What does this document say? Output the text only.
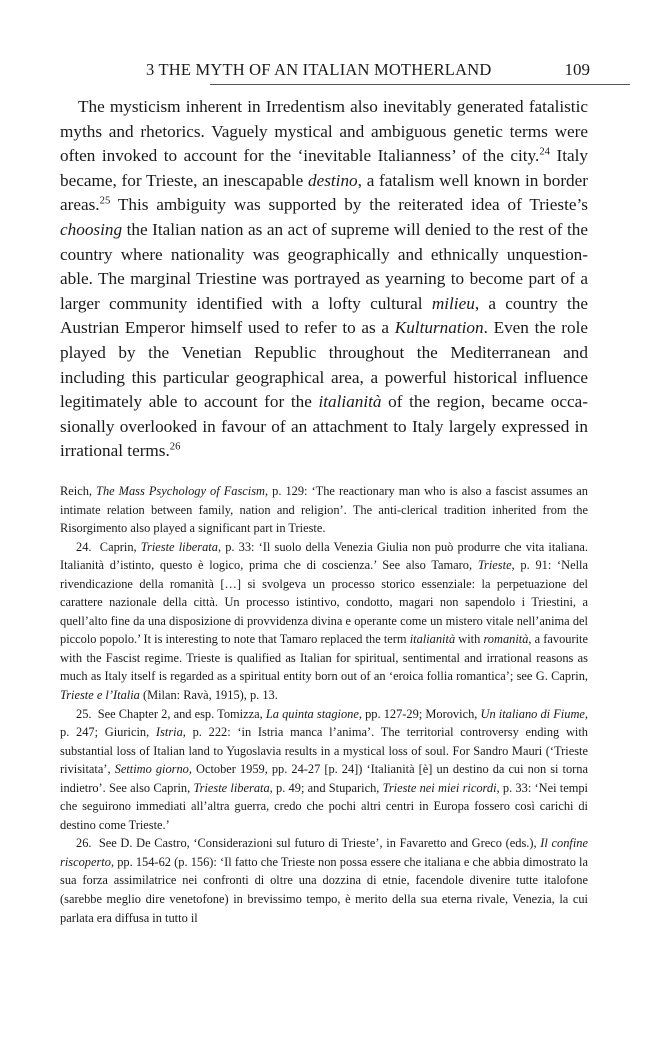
3 THE MYTH OF AN ITALIAN MOTHERLAND	109

The mysticism inherent in Irredentism also inevitably generated fatalistic myths and rhetorics. Vaguely mystical and ambiguous genetic terms were often invoked to account for the ‘inevitable Italianness’ of the city.$^{24}$ Italy became, for Trieste, an inescapable destino, a fatalism well known in border areas.$^{25}$ This ambiguity was supported by the reiterated idea of Trieste’s choosing the Italian nation as an act of supreme will denied to the rest of the country where nationality was geographically and ethnically unquestion-able. The marginal Triestine was portrayed as yearning to become part of a larger community identified with a lofty cultural milieu, a country the Austrian Emperor himself used to refer to as a Kulturnation. Even the role played by the Venetian Republic throughout the Mediterranean and including this particular geographical area, a powerful historical influence legitimately able to account for the italianità of the region, became occa-sionally overlooked in favour of an attachment to Italy largely expressed in irrational terms.$^{26}$

Reich, The Mass Psychology of Fascism, p. 129: ‘The reactionary man who is also a fascist assumes an intimate relation between family, nation and religion’. The anti-clerical tradition inherited from the Risorgimento also played a significant part in Trieste.

24.  Caprin, Trieste liberata, p. 33: ‘Il suolo della Venezia Giulia non può produrre che vita italiana. Italianità d’istinto, questo è logico, prima che di coscienza.’ See also Tamaro, Trieste, p. 91: ‘Nella rivendicazione della romanità […] si svolgeva un processo storico essenziale: la perpetuazione del carattere nazionale della città. Un processo istintivo, condotto, magari non sapendolo i Triestini, a quell’alto fine da una disposizione di provvidenza divina e operante come un mistero vitale nell’anima del piccolo popolo.’ It is interesting to note that Tamaro replaced the term italianità with romanità, a favourite with the Fascist regime. Trieste is qualified as Italian for spiritual, sentimental and irrational reasons as much as Italy itself is regarded as a spiritual entity born out of an ‘eroica follia romantica’; see G. Caprin, Trieste e l’Italia (Milan: Ravà, 1915), p. 13.

25.  See Chapter 2, and esp. Tomizza, La quinta stagione, pp. 127-29; Morovich, Un italiano di Fiume, p. 247; Giuricin, Istria, p. 222: ‘in Istria manca l’anima’. The territorial controversy ending with substantial loss of Italian land to Yugoslavia results in a mystical loss of soul. For Sandro Mauri (‘Trieste rivisitata’, Settimo giorno, October 1959, pp. 24-27 [p. 24]) ‘Italianità [è] un destino da cui non si torna indietro’. See also Caprin, Trieste liberata, p. 49; and Stuparich, Trieste nei miei ricordi, p. 33: ‘Nei tempi che seguirono immediati all’altra guerra, credo che pochi altri centri in Europa fossero così carichi di destino come Trieste.’

26.  See D. De Castro, ‘Considerazioni sul futuro di Trieste’, in Favaretto and Greco (eds.), Il confine riscoperto, pp. 154-62 (p. 156): ‘Il fatto che Trieste non possa essere che italiana e che abbia dimostrato la sua forza assimilatrice nei confronti di oltre una dozzina di etnie, facendole divenire tutte italofone (sarebbe meglio dire venetofone) in brevissimo tempo, è merito della sua eterna rivale, Venezia, la cui parlata era diffusa in tutto il
